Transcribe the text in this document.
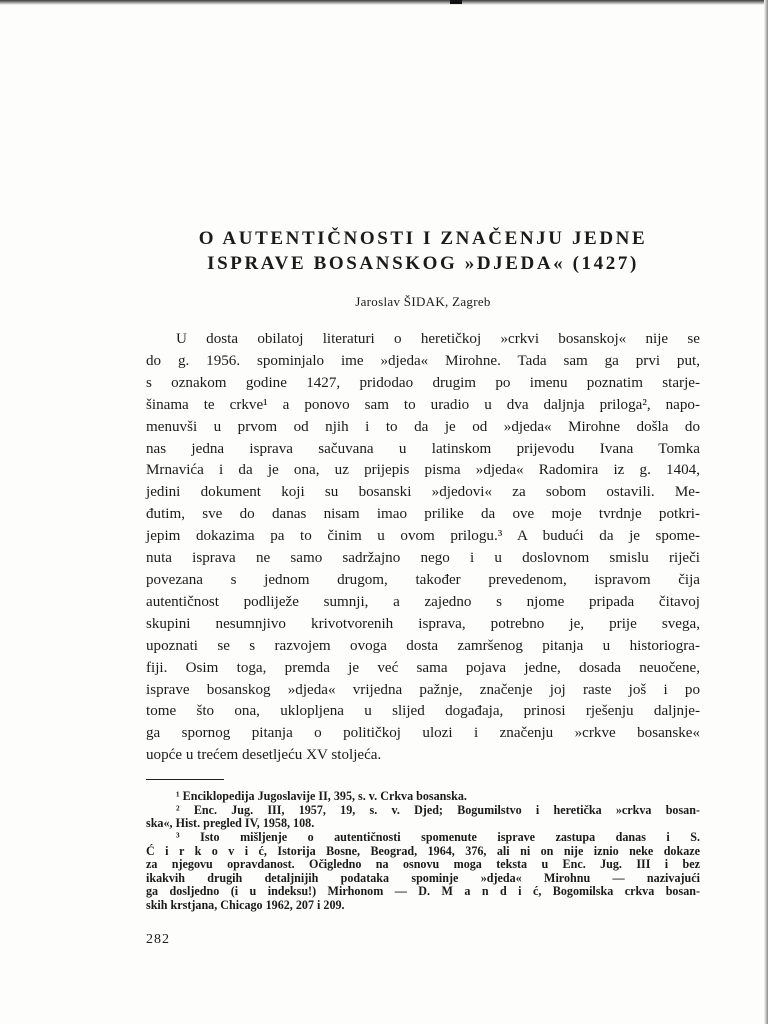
O AUTENTIČNOSTI I ZNAČENJU JEDNE
ISPRAVE BOSANSKOG »DJEDA« (1427)
Jaroslav ŠIDAK, Zagreb
U dosta obilatoj literaturi o heretičkoj »crkvi bosanskoj« nije se
do g. 1956. spominjalo ime »djeda« Mirohne. Tada sam ga prvi put,
s oznakom godine 1427, pridodao drugim po imenu poznatim starje-
šinama te crkve¹ a ponovo sam to uradio u dva daljnja priloga², napo-
menuvši u prvom od njih i to da je od »djeda« Mirohne došla do
nas jedna isprava sačuvana u latinskom prijevodu Ivana Tomka
Mrnavića i da je ona, uz prijepis pisma »djeda« Radomira iz g. 1404,
jedini dokument koji su bosanski »djedovi« za sobom ostavili. Me-
đutim, sve do danas nisam imao prilike da ove moje tvrdnje potkri-
jepim dokazima pa to činim u ovom prilogu.³ A budući da je spome-
nuta isprava ne samo sadržajno nego i u doslovnom smislu riječi
povezana s jednom drugom, također prevedenom, ispravom čija
autentičnost podliježe sumnji, a zajedno s njome pripada čitavoj
skupini nesumnjivo krivotvorenih isprava, potrebno je, prije svega,
upoznati se s razvojem ovoga dosta zamršenog pitanja u historiogra-
fiji. Osim toga, premda je već sama pojava jedne, dosada neuočene,
isprave bosanskog »djeda« vrijedna pažnje, značenje joj raste još i po
tome što ona, uklopljena u slijed događaja, prinosi rješenju daljnje-
ga spornog pitanja o političkoj ulozi i značenju »crkve bosanske«
uopće u trećem desetljeću XV stoljeća.
¹ Enciklopedija Jugoslavije II, 395, s. v. Crkva bosanska.
² Enc. Jug. III, 1957, 19, s. v. Djed; Bogumilstvo i heretička »crkva bosan-
ska«, Hist. pregled IV, 1958, 108.
³ Isto mišljenje o autentičnosti spomenute isprave zastupa danas i S.
Ć i r k o v i ć, Istorija Bosne, Beograd, 1964, 376, ali ni on nije iznio neke dokaze
za njegovu opravdanost. Očigledno na osnovu moga teksta u Enc. Jug. III i bez
ikakvih drugih detaljnijih podataka spominje »djeda« Mirohnu — nazivajući
ga dosljedno (i u indeksu!) Mirhonom — D. M a n d i ć, Bogomilska crkva bosan-
skih krstjana, Chicago 1962, 207 i 209.
282
